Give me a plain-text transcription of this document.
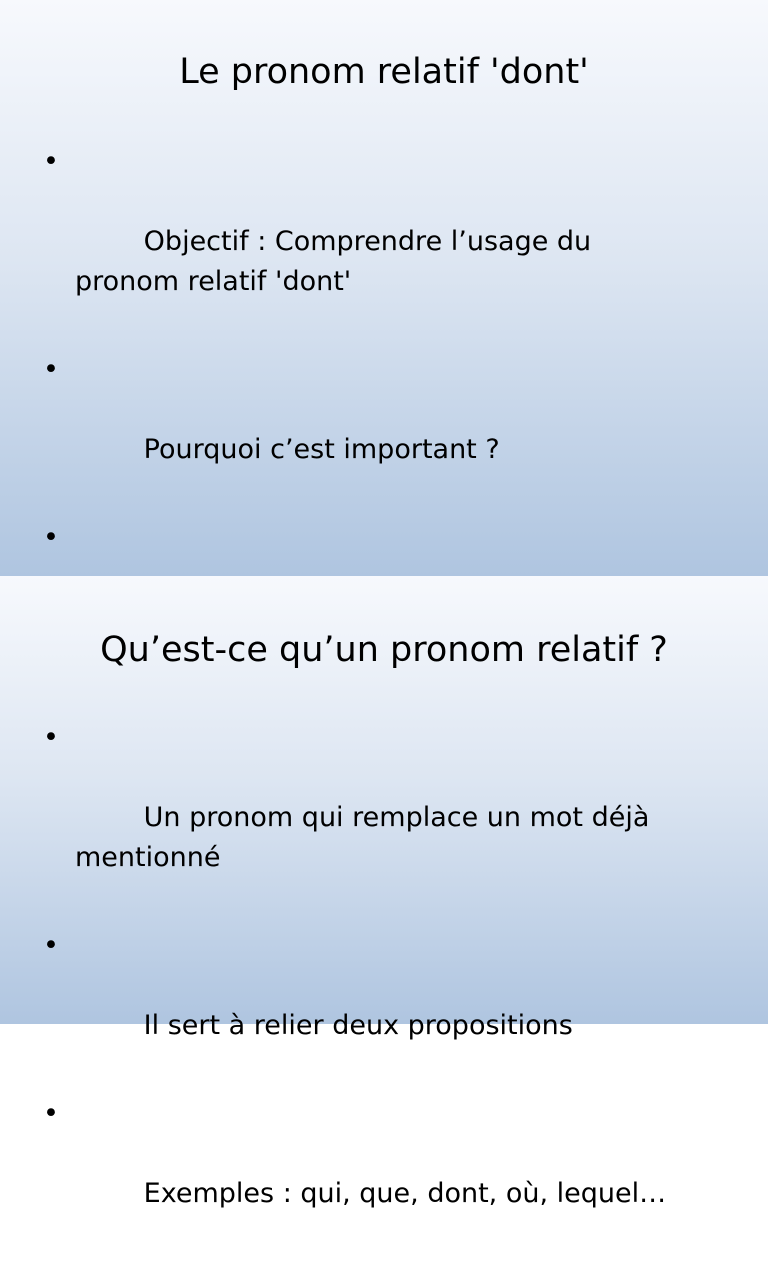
Le pronom relatif 'dont'

•

Objectif : Comprendre l’usage du pronom relatif 'dont'

•

Pourquoi c’est important ?

•

Qu’est-ce qu’un pronom relatif ?

•

Un pronom qui remplace un mot déjà mentionné

•

Il sert à relier deux propositions

•

Exemples : qui, que, dont, où, lequel…
